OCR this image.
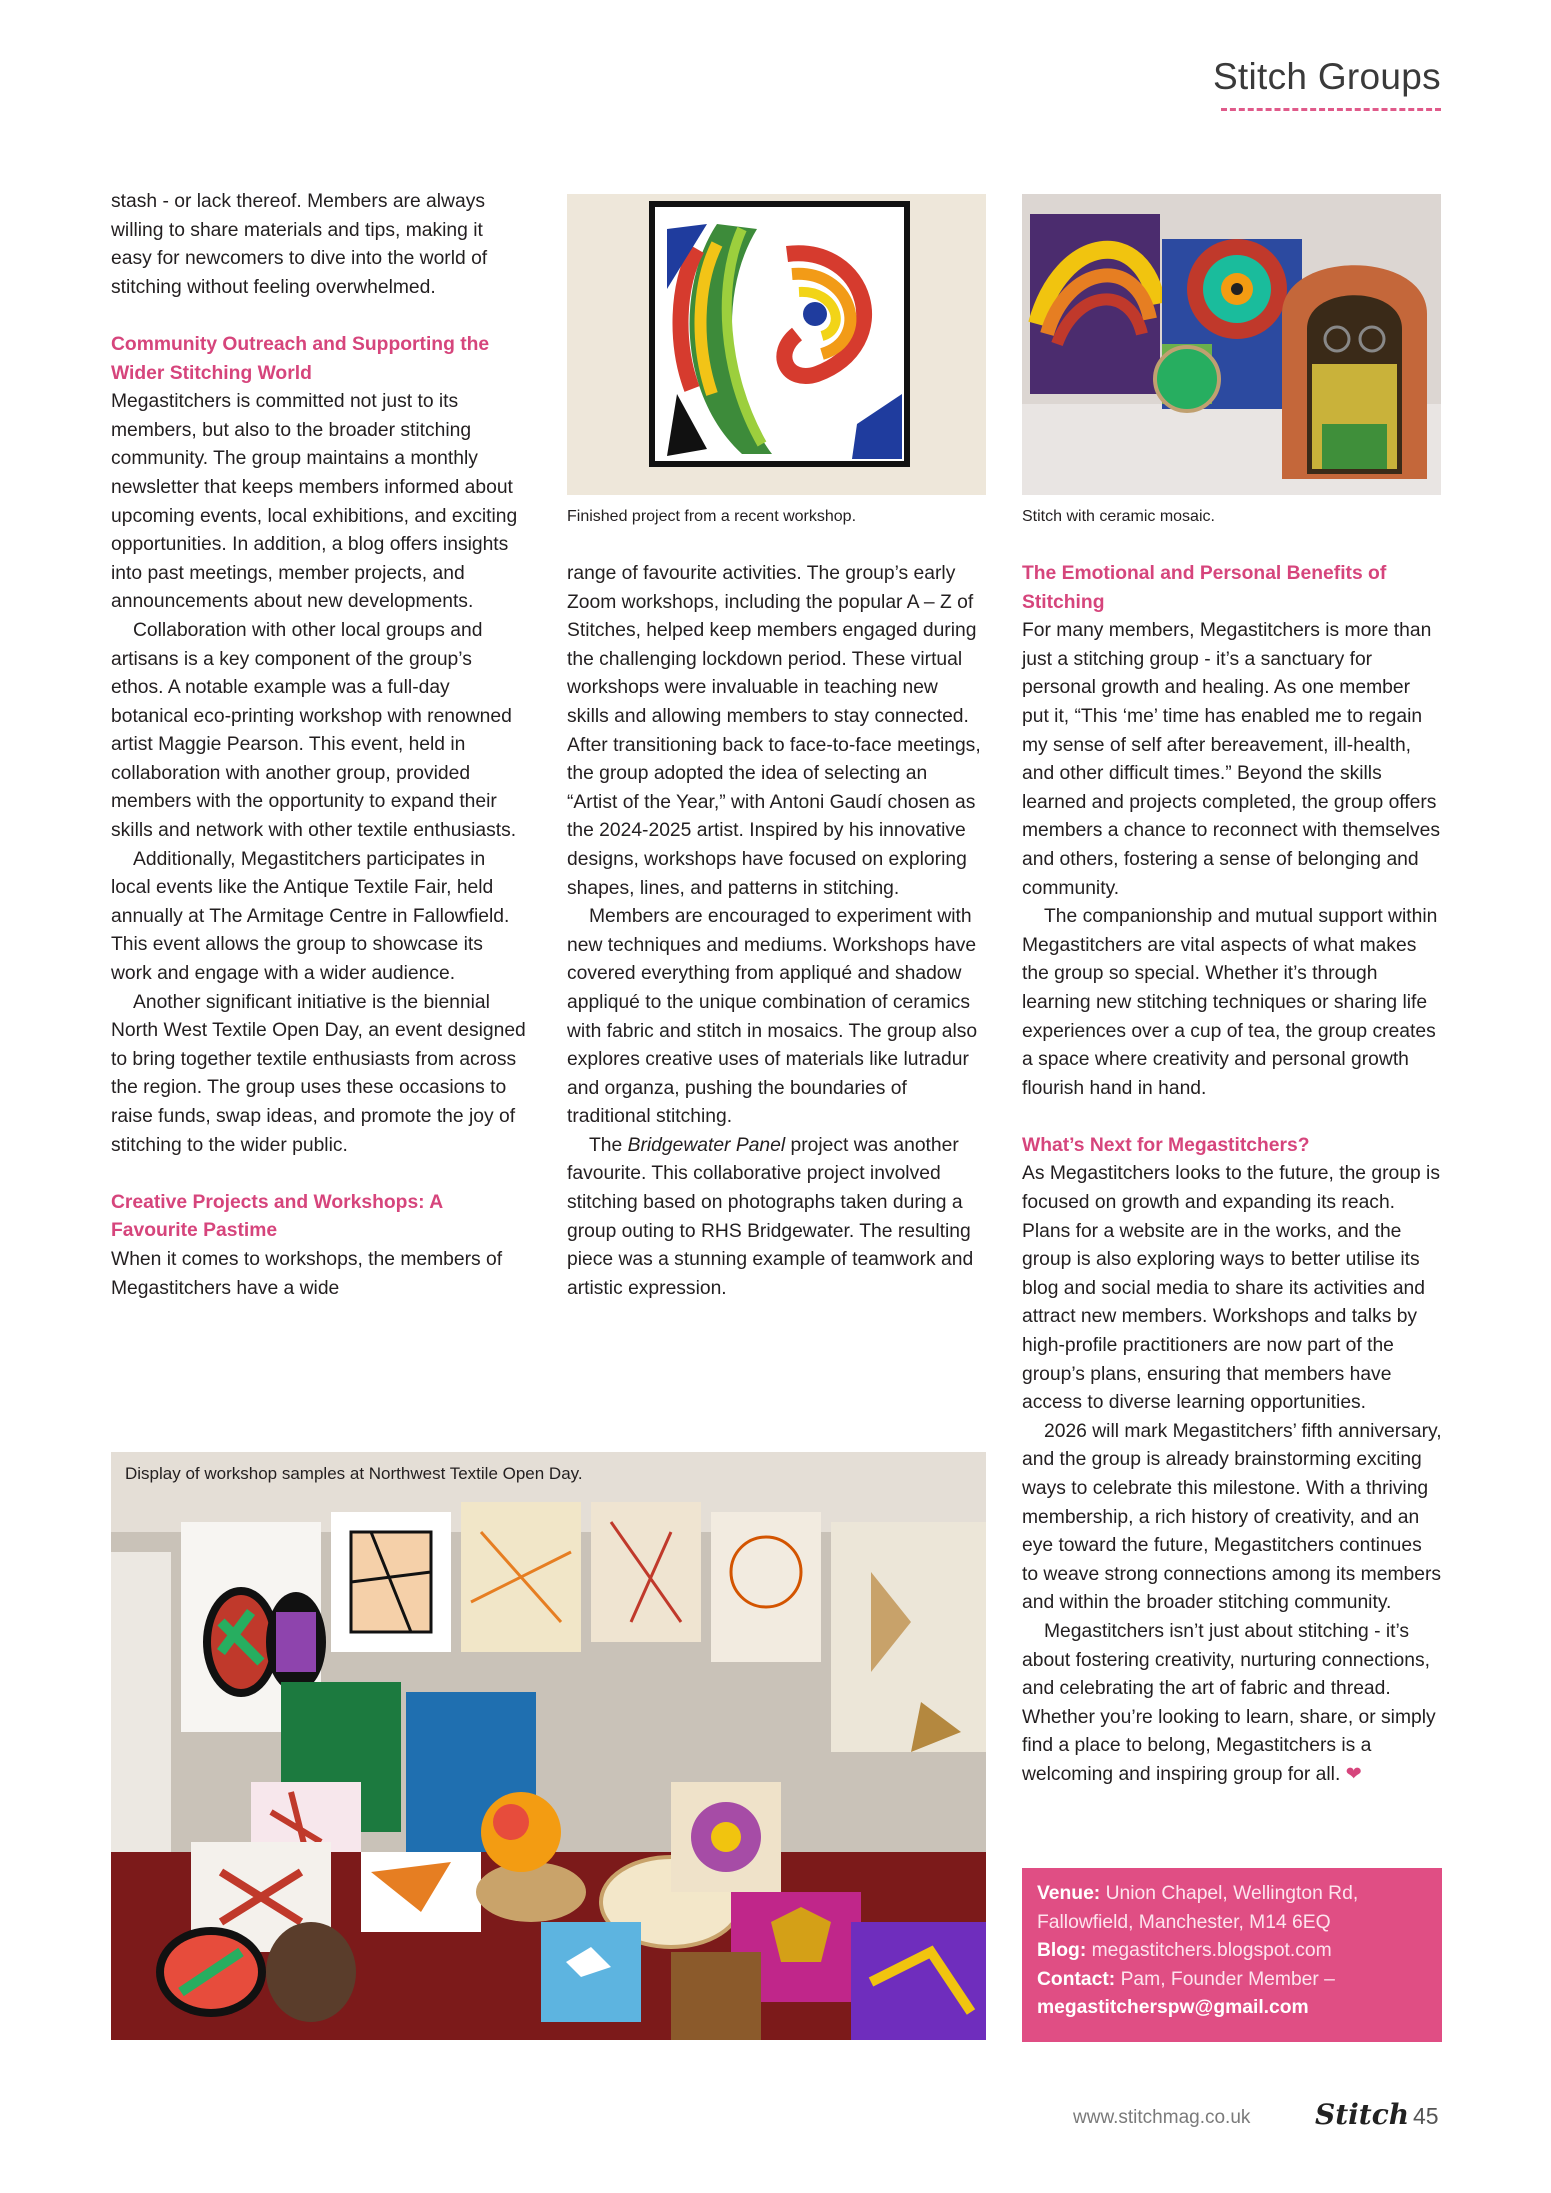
Stitch Groups

stash - or lack thereof. Members are always willing to share materials and tips, making it easy for newcomers to dive into the world of stitching without feeling overwhelmed.

Community Outreach and Supporting the Wider Stitching World

Megastitchers is committed not just to its members, but also to the broader stitching community. The group maintains a monthly newsletter that keeps members informed about upcoming events, local exhibitions, and exciting opportunities. In addition, a blog offers insights into past meetings, member projects, and announcements about new developments.

Collaboration with other local groups and artisans is a key component of the group’s ethos. A notable example was a full-day botanical eco-printing workshop with renowned artist Maggie Pearson. This event, held in collaboration with another group, provided members with the opportunity to expand their skills and network with other textile enthusiasts.

Additionally, Megastitchers participates in local events like the Antique Textile Fair, held annually at The Armitage Centre in Fallowfield. This event allows the group to showcase its work and engage with a wider audience.

Another significant initiative is the biennial North West Textile Open Day, an event designed to bring together textile enthusiasts from across the region. The group uses these occasions to raise funds, swap ideas, and promote the joy of stitching to the wider public.

Creative Projects and Workshops: A Favourite Pastime

When it comes to workshops, the members of Megastitchers have a wide

Finished project from a recent workshop.	Stitch with ceramic mosaic.

range of favourite activities. The group’s early Zoom workshops, including the popular A – Z of Stitches, helped keep members engaged during the challenging lockdown period. These virtual workshops were invaluable in teaching new skills and allowing members to stay connected. After transitioning back to face-to-face meetings, the group adopted the idea of selecting an “Artist of the Year,” with Antoni Gaudí chosen as the 2024-2025 artist. Inspired by his innovative designs, workshops have focused on exploring shapes, lines, and patterns in stitching.

Members are encouraged to experiment with new techniques and mediums. Workshops have covered everything from appliqué and shadow appliqué to the unique combination of ceramics with fabric and stitch in mosaics. The group also explores creative uses of materials like lutradur and organza, pushing the boundaries of traditional stitching.

The Bridgewater Panel project was another favourite. This collaborative project involved stitching based on photographs taken during a group outing to RHS Bridgewater. The resulting piece was a stunning example of teamwork and artistic expression.

The Emotional and Personal Benefits of Stitching

For many members, Megastitchers is more than just a stitching group - it’s a sanctuary for personal growth and healing. As one member put it, “This ‘me’ time has enabled me to regain my sense of self after bereavement, ill-health, and other difficult times.” Beyond the skills learned and projects completed, the group offers members a chance to reconnect with themselves and others, fostering a sense of belonging and community.

The companionship and mutual support within Megastitchers are vital aspects of what makes the group so special. Whether it’s through learning new stitching techniques or sharing life experiences over a cup of tea, the group creates a space where creativity and personal growth flourish hand in hand.

What’s Next for Megastitchers?

As Megastitchers looks to the future, the group is focused on growth and expanding its reach. Plans for a website are in the works, and the group is also exploring ways to better utilise its blog and social media to share its activities and attract new members. Workshops and talks by high-profile practitioners are now part of the group’s plans, ensuring that members have access to diverse learning opportunities.

2026 will mark Megastitchers’ fifth anniversary, and the group is already brainstorming exciting ways to celebrate this milestone. With a thriving membership, a rich history of creativity, and an eye toward the future, Megastitchers continues to weave strong connections among its members and within the broader stitching community.

Megastitchers isn’t just about stitching - it’s about fostering creativity, nurturing connections, and celebrating the art of fabric and thread. Whether you’re looking to learn, share, or simply find a place to belong, Megastitchers is a welcoming and inspiring group for all. ❤

Display of workshop samples at Northwest Textile Open Day.

Venue: Union Chapel, Wellington Rd, Fallowfield, Manchester, M14 6EQ

Blog: megastitchers.blogspot.com

Contact: Pam, Founder Member –

megastitcherspw@gmail.com

www.stitchmag.co.uk Stitch 45
